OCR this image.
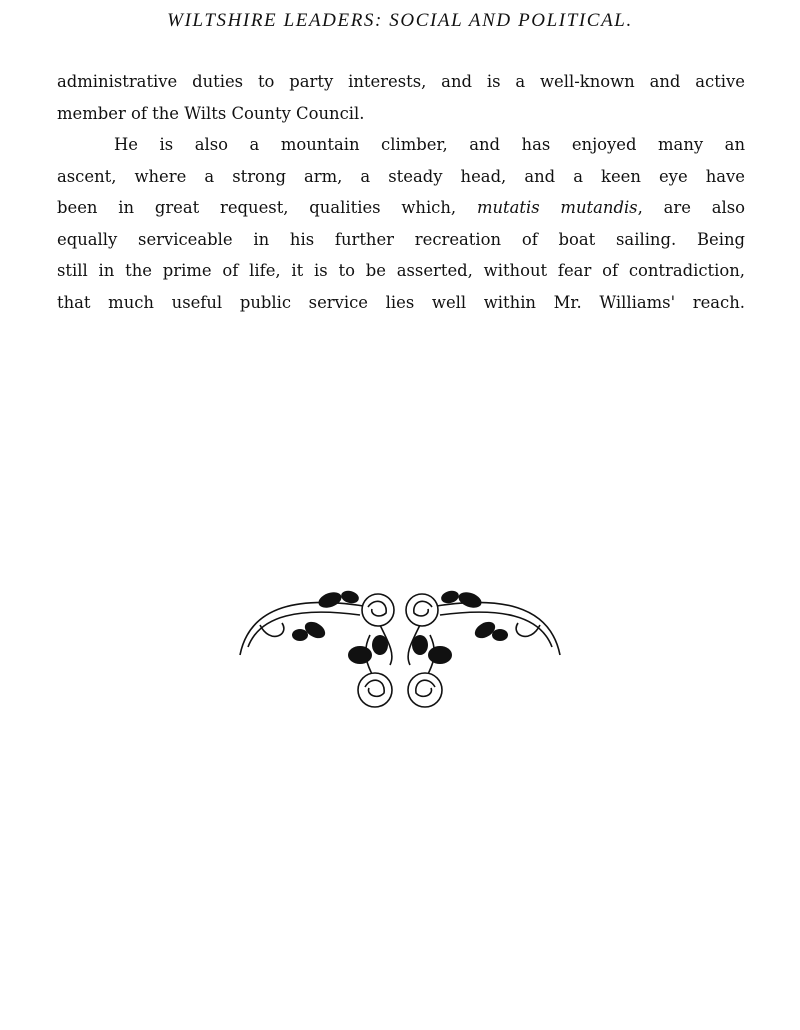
WILTSHIRE LEADERS: SOCIAL AND POLITICAL.
administrative duties to party interests, and is a well-known and active
member of the Wilts County Council.
He is also a mountain climber, and has enjoyed many an
ascent, where a strong arm, a steady head, and a keen eye have
been in great request, qualities which, mutatis mutandis, are also
equally serviceable in his further recreation of boat sailing. Being
still in the prime of life, it is to be asserted, without fear of contradiction,
that much useful public service lies well within Mr. Williams' reach.
